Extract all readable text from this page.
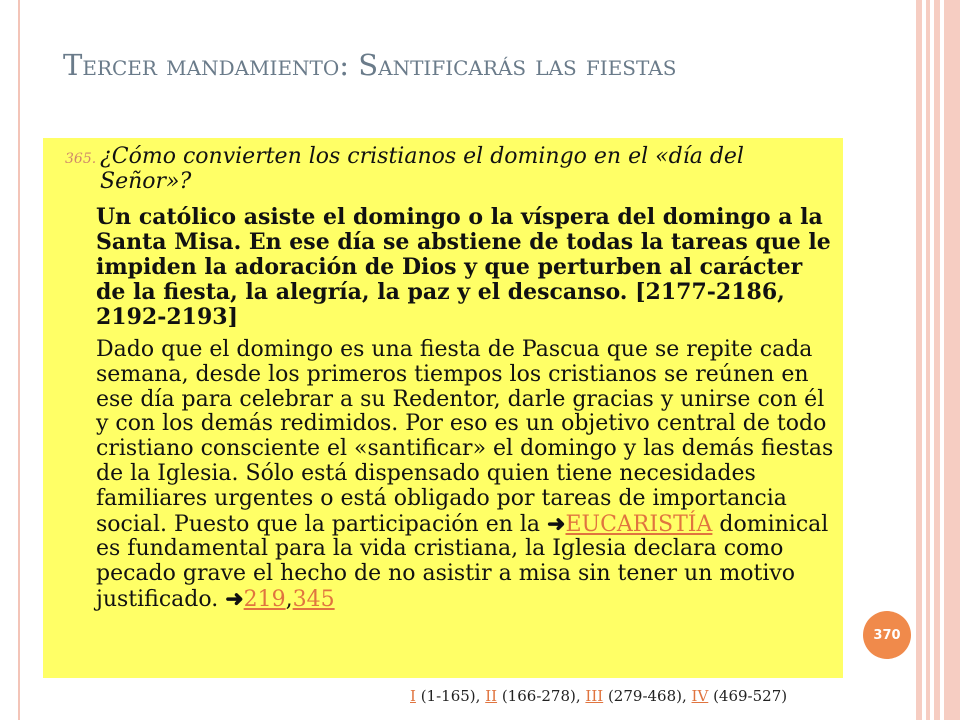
Tercer mandamiento: Santificarás las fiestas
365. ¿Cómo convierten los cristianos el domingo en el «día del Señor»?

Un católico asiste el domingo o la víspera del domingo a la Santa Misa. En ese día se abstiene de todas la tareas que le impiden la adoración de Dios y que perturben al carácter de la fiesta, la alegría, la paz y el descanso. [2177-2186, 2192-2193]

Dado que el domingo es una fiesta de Pascua que se repite cada semana, desde los primeros tiempos los cristianos se reúnen en ese día para celebrar a su Redentor, darle gracias y unirse con él y con los demás redimidos. Por eso es un objetivo central de todo cristiano consciente el «santificar» el domingo y las demás fiestas de la Iglesia. Sólo está dispensado quien tiene necesidades familiares urgentes o está obligado por tareas de importancia social. Puesto que la participación en la ➜EUCARISTÍA dominical es fundamental para la vida cristiana, la Iglesia declara como pecado grave el hecho de no asistir a misa sin tener un motivo justificado. ➜219,345

370
I (1-165), II (166-278), III (279-468), IV (469-527)
